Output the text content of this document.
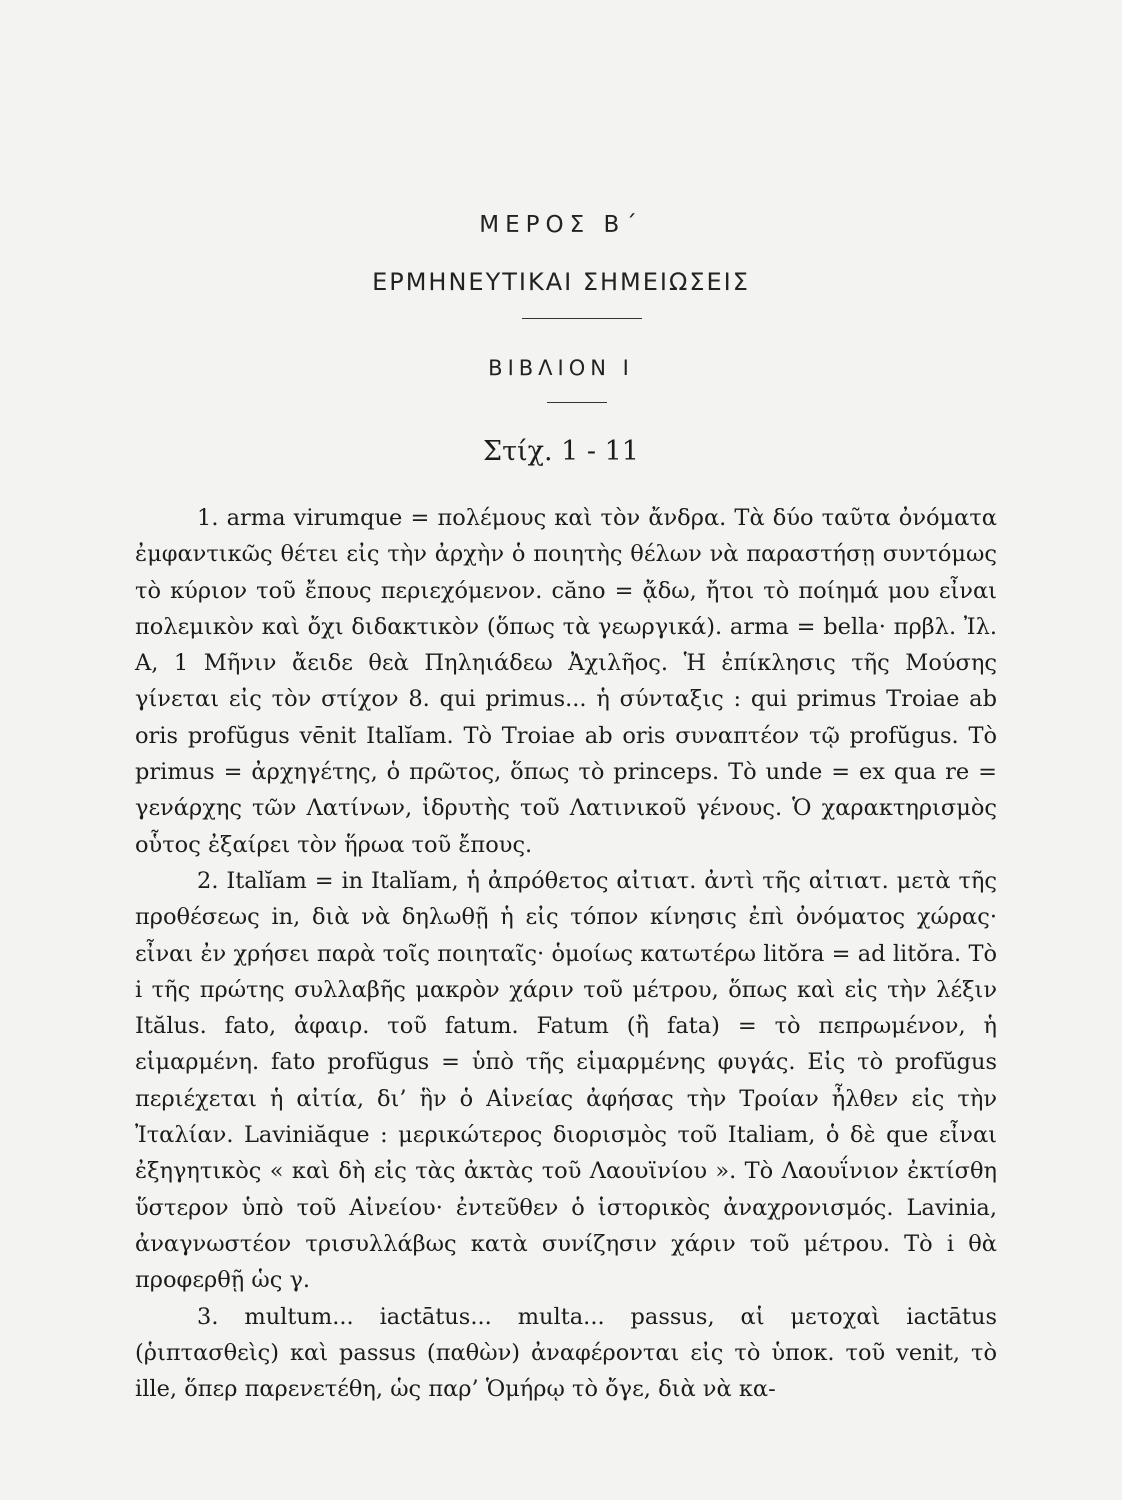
ΜΕΡΟΣ Β΄
ΕΡΜΗΝΕΥΤΙΚΑΙ ΣΗΜΕΙΩΣΕΙΣ
ΒΙΒΛΙΟΝ I
Στίχ. 1 - 11

1. arma virumque = πολέμους καὶ τὸν ἄνδρα. Τὰ δύο ταῦτα ὀνόματα ἐμφαντικῶς θέτει εἰς τὴν ἀρχὴν ὁ ποιητὴς θέλων νὰ παραστήσῃ συντόμως τὸ κύριον τοῦ ἔπους περιεχόμενον. căno = ᾄδω, ἤτοι τὸ ποίημά μου εἶναι πολεμικὸν καὶ ὄχι διδακτικὸν (ὅπως τὰ γεωργικά). arma = bella· πρβλ. Ἰλ. Α, 1 Μῆνιν ἄειδε θεὰ Πηληιάδεω Ἀχιλῆος. Ἡ ἐπίκλησις τῆς Μούσης γίνεται εἰς τὸν στίχον 8. qui primus... ἡ σύνταξις : qui primus Troiae ab oris profŭgus vēnit Italĭam. Τὸ Troiae ab oris συναπτέον τῷ profŭgus. Τὸ primus = ἀρχηγέτης, ὁ πρῶτος, ὅπως τὸ princeps. Τὸ unde = ex qua re = γενάρχης τῶν Λατίνων, ἱδρυτὴς τοῦ Λατινικοῦ γένους. Ὁ χαρακτηρισμὸς οὗτος ἐξαίρει τὸν ἥρωα τοῦ ἔπους.

2. Italĭam = in Italĭam, ἡ ἀπρόθετος αἰτιατ. ἀντὶ τῆς αἰτιατ. μετὰ τῆς προθέσεως in, διὰ νὰ δηλωθῇ ἡ εἰς τόπον κίνησις ἐπὶ ὀνόματος χώρας· εἶναι ἐν χρήσει παρὰ τοῖς ποιηταῖς· ὁμοίως κατωτέρω litŏra = ad litŏra. Τὸ i τῆς πρώτης συλλαβῆς μακρὸν χάριν τοῦ μέτρου, ὅπως καὶ εἰς τὴν λέξιν Itălus. fato, ἀφαιρ. τοῦ fatum. Fatum (ἢ fata) = τὸ πεπρωμένον, ἡ εἱμαρμένη. fato profŭgus = ὑπὸ τῆς εἱμαρμένης φυγάς. Εἰς τὸ profŭgus περιέχεται ἡ αἰτία, δι’ ἣν ὁ Αἰνείας ἀφήσας τὴν Τροίαν ἦλθεν εἰς τὴν Ἰταλίαν. Laviniăque : μερικώτερος διορισμὸς τοῦ Italiam, ὁ δὲ que εἶναι ἐξηγητικὸς « καὶ δὴ εἰς τὰς ἀκτὰς τοῦ Λαουϊνίου ». Τὸ Λαουΐνιον ἐκτίσθη ὕστερον ὑπὸ τοῦ Αἰνείου· ἐντεῦθεν ὁ ἱστορικὸς ἀναχρονισμός. Lavinia, ἀναγνωστέον τρισυλλάβως κατὰ συνίζησιν χάριν τοῦ μέτρου. Τὸ i θὰ προφερθῇ ὡς γ.

3. multum... iactātus... multa... passus, αἱ μετοχαὶ iactātus (ῥιπτασθεὶς) καὶ passus (παθὼν) ἀναφέρονται εἰς τὸ ὑποκ. τοῦ venit, τὸ ille, ὅπερ παρενετέθη, ὡς παρ’ Ὁμήρῳ τὸ ὄγε, διὰ νὰ κα-
